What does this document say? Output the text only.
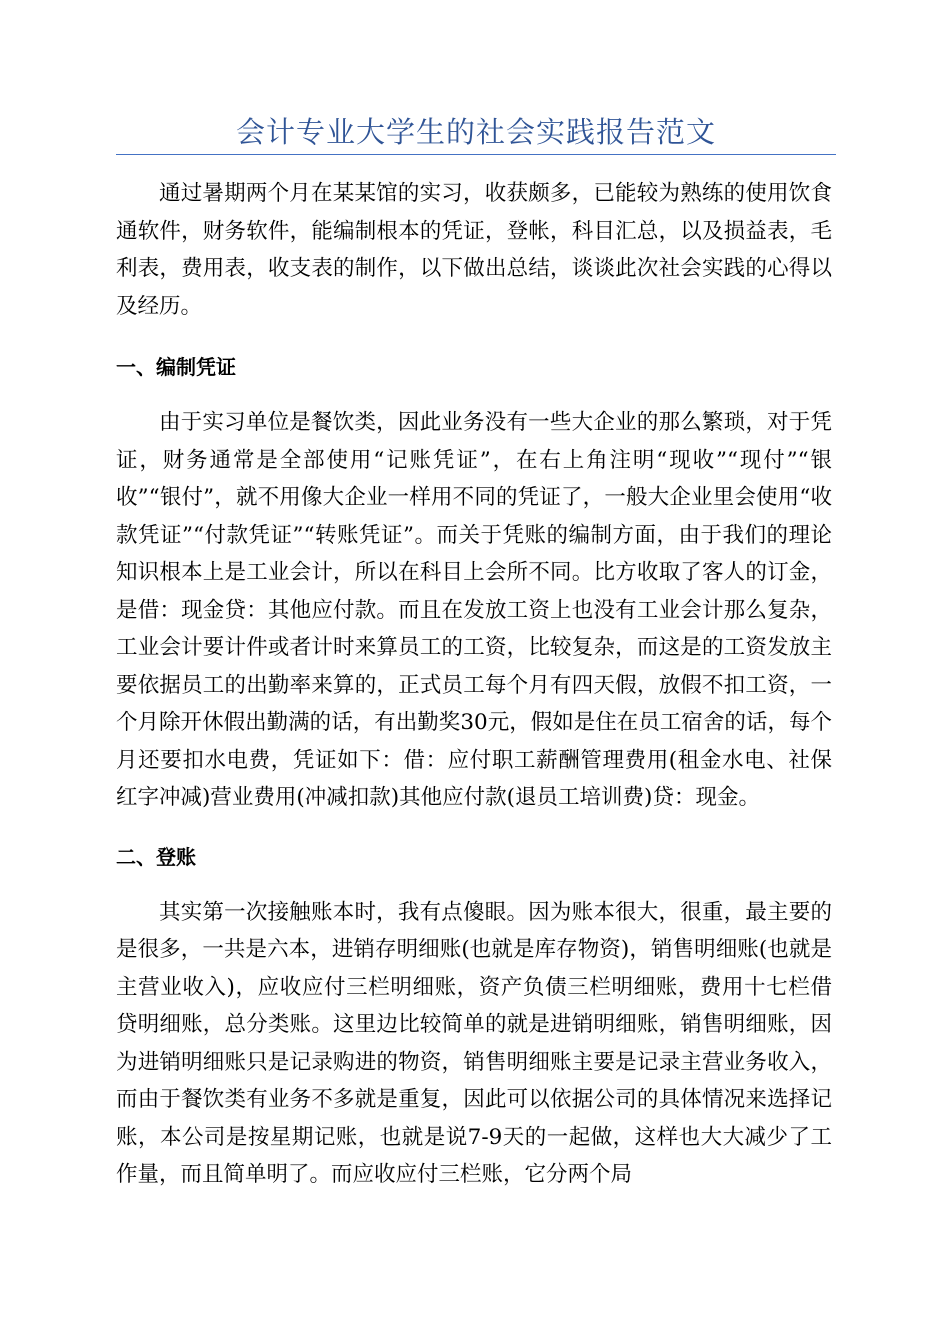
会计专业大学生的社会实践报告范文

通过暑期两个月在某某馆的实习，收获颇多，已能较为熟练的使用饮食通软件，财务软件，能编制根本的凭证，登帐，科目汇总，以及损益表，毛利表，费用表，收支表的制作，以下做出总结，谈谈此次社会实践的心得以及经历。

一、编制凭证

由于实习单位是餐饮类，因此业务没有一些大企业的那么繁琐，对于凭证，财务通常是全部使用“记账凭证”，在右上角注明“现收”“现付”“银收”“银付”，就不用像大企业一样用不同的凭证了，一般大企业里会使用“收款凭证”“付款凭证”“转账凭证”。而关于凭账的编制方面，由于我们的理论知识根本上是工业会计，所以在科目上会所不同。比方收取了客人的订金，是借：现金贷：其他应付款。而且在发放工资上也没有工业会计那么复杂，工业会计要计件或者计时来算员工的工资，比较复杂，而这是的工资发放主要依据员工的出勤率来算的，正式员工每个月有四天假，放假不扣工资，一个月除开休假出勤满的话，有出勤奖30元，假如是住在员工宿舍的话，每个月还要扣水电费，凭证如下：借：应付职工薪酬管理费用(租金水电、社保红字冲减)营业费用(冲减扣款)其他应付款(退员工培训费)贷：现金。

二、登账

其实第一次接触账本时，我有点傻眼。因为账本很大，很重，最主要的是很多，一共是六本，进销存明细账(也就是库存物资)，销售明细账(也就是主营业收入)，应收应付三栏明细账，资产负债三栏明细账，费用十七栏借贷明细账，总分类账。这里边比较简单的就是进销明细账，销售明细账，因为进销明细账只是记录购进的物资，销售明细账主要是记录主营业务收入，而由于餐饮类有业务不多就是重复，因此可以依据公司的具体情况来选择记账，本公司是按星期记账，也就是说7-9天的一起做，这样也大大减少了工作量，而且简单明了。而应收应付三栏账，它分两个局
